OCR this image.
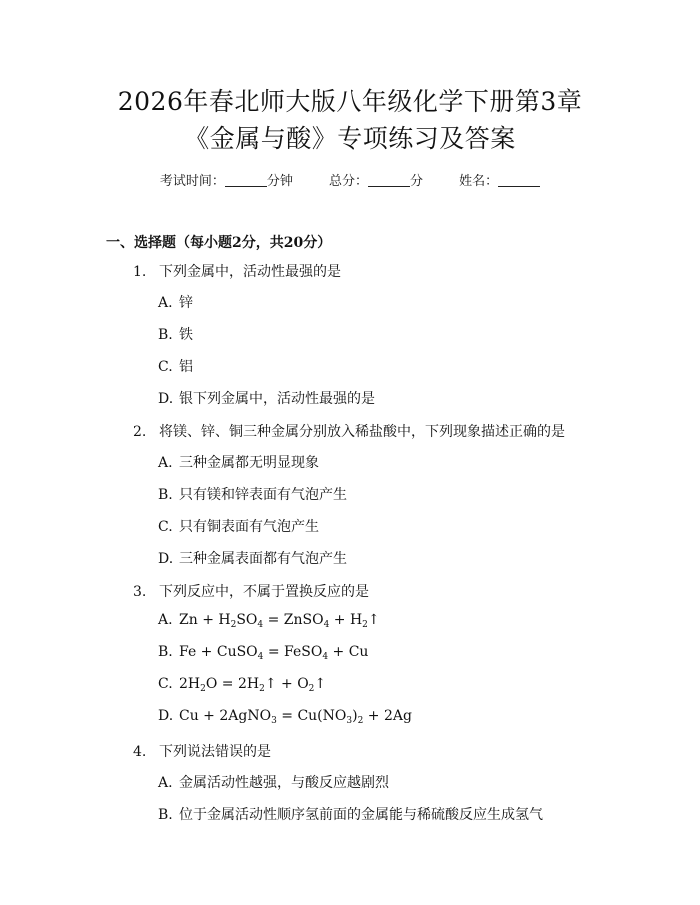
2026年春北师大版八年级化学下册第3章
《金属与酸》专项练习及答案
考试时间：	分钟	总分：	分	姓名：
一、选择题（每小题2分，共20分）
1. 下列金属中，活动性最强的是
A. 锌
B. 铁
C. 铝
D. 银下列金属中，活动性最强的是
2. 将镁、锌、铜三种金属分别放入稀盐酸中，下列现象描述正确的是
A. 三种金属都无明显现象
B. 只有镁和锌表面有气泡产生
C. 只有铜表面有气泡产生
D. 三种金属表面都有气泡产生
3. 下列反应中，不属于置换反应的是
A. $Zn + H_2SO_4$ = ZnSO$_4$ + $H_2↑$
B. Fe + CuSO$_4$ = FeSO$_4$ + Cu
C. $2H_2O$ = $2H_2↑$ + $O_2↑$
D. Cu + 2AgNO$_3$ = $Cu(NO_3)_2 + 2Ag$
4. 下列说法错误的是
A. 金属活动性越强，与酸反应越剧烈
B. 位于金属活动性顺序氢前面的金属能与稀硫酸反应生成氢气
